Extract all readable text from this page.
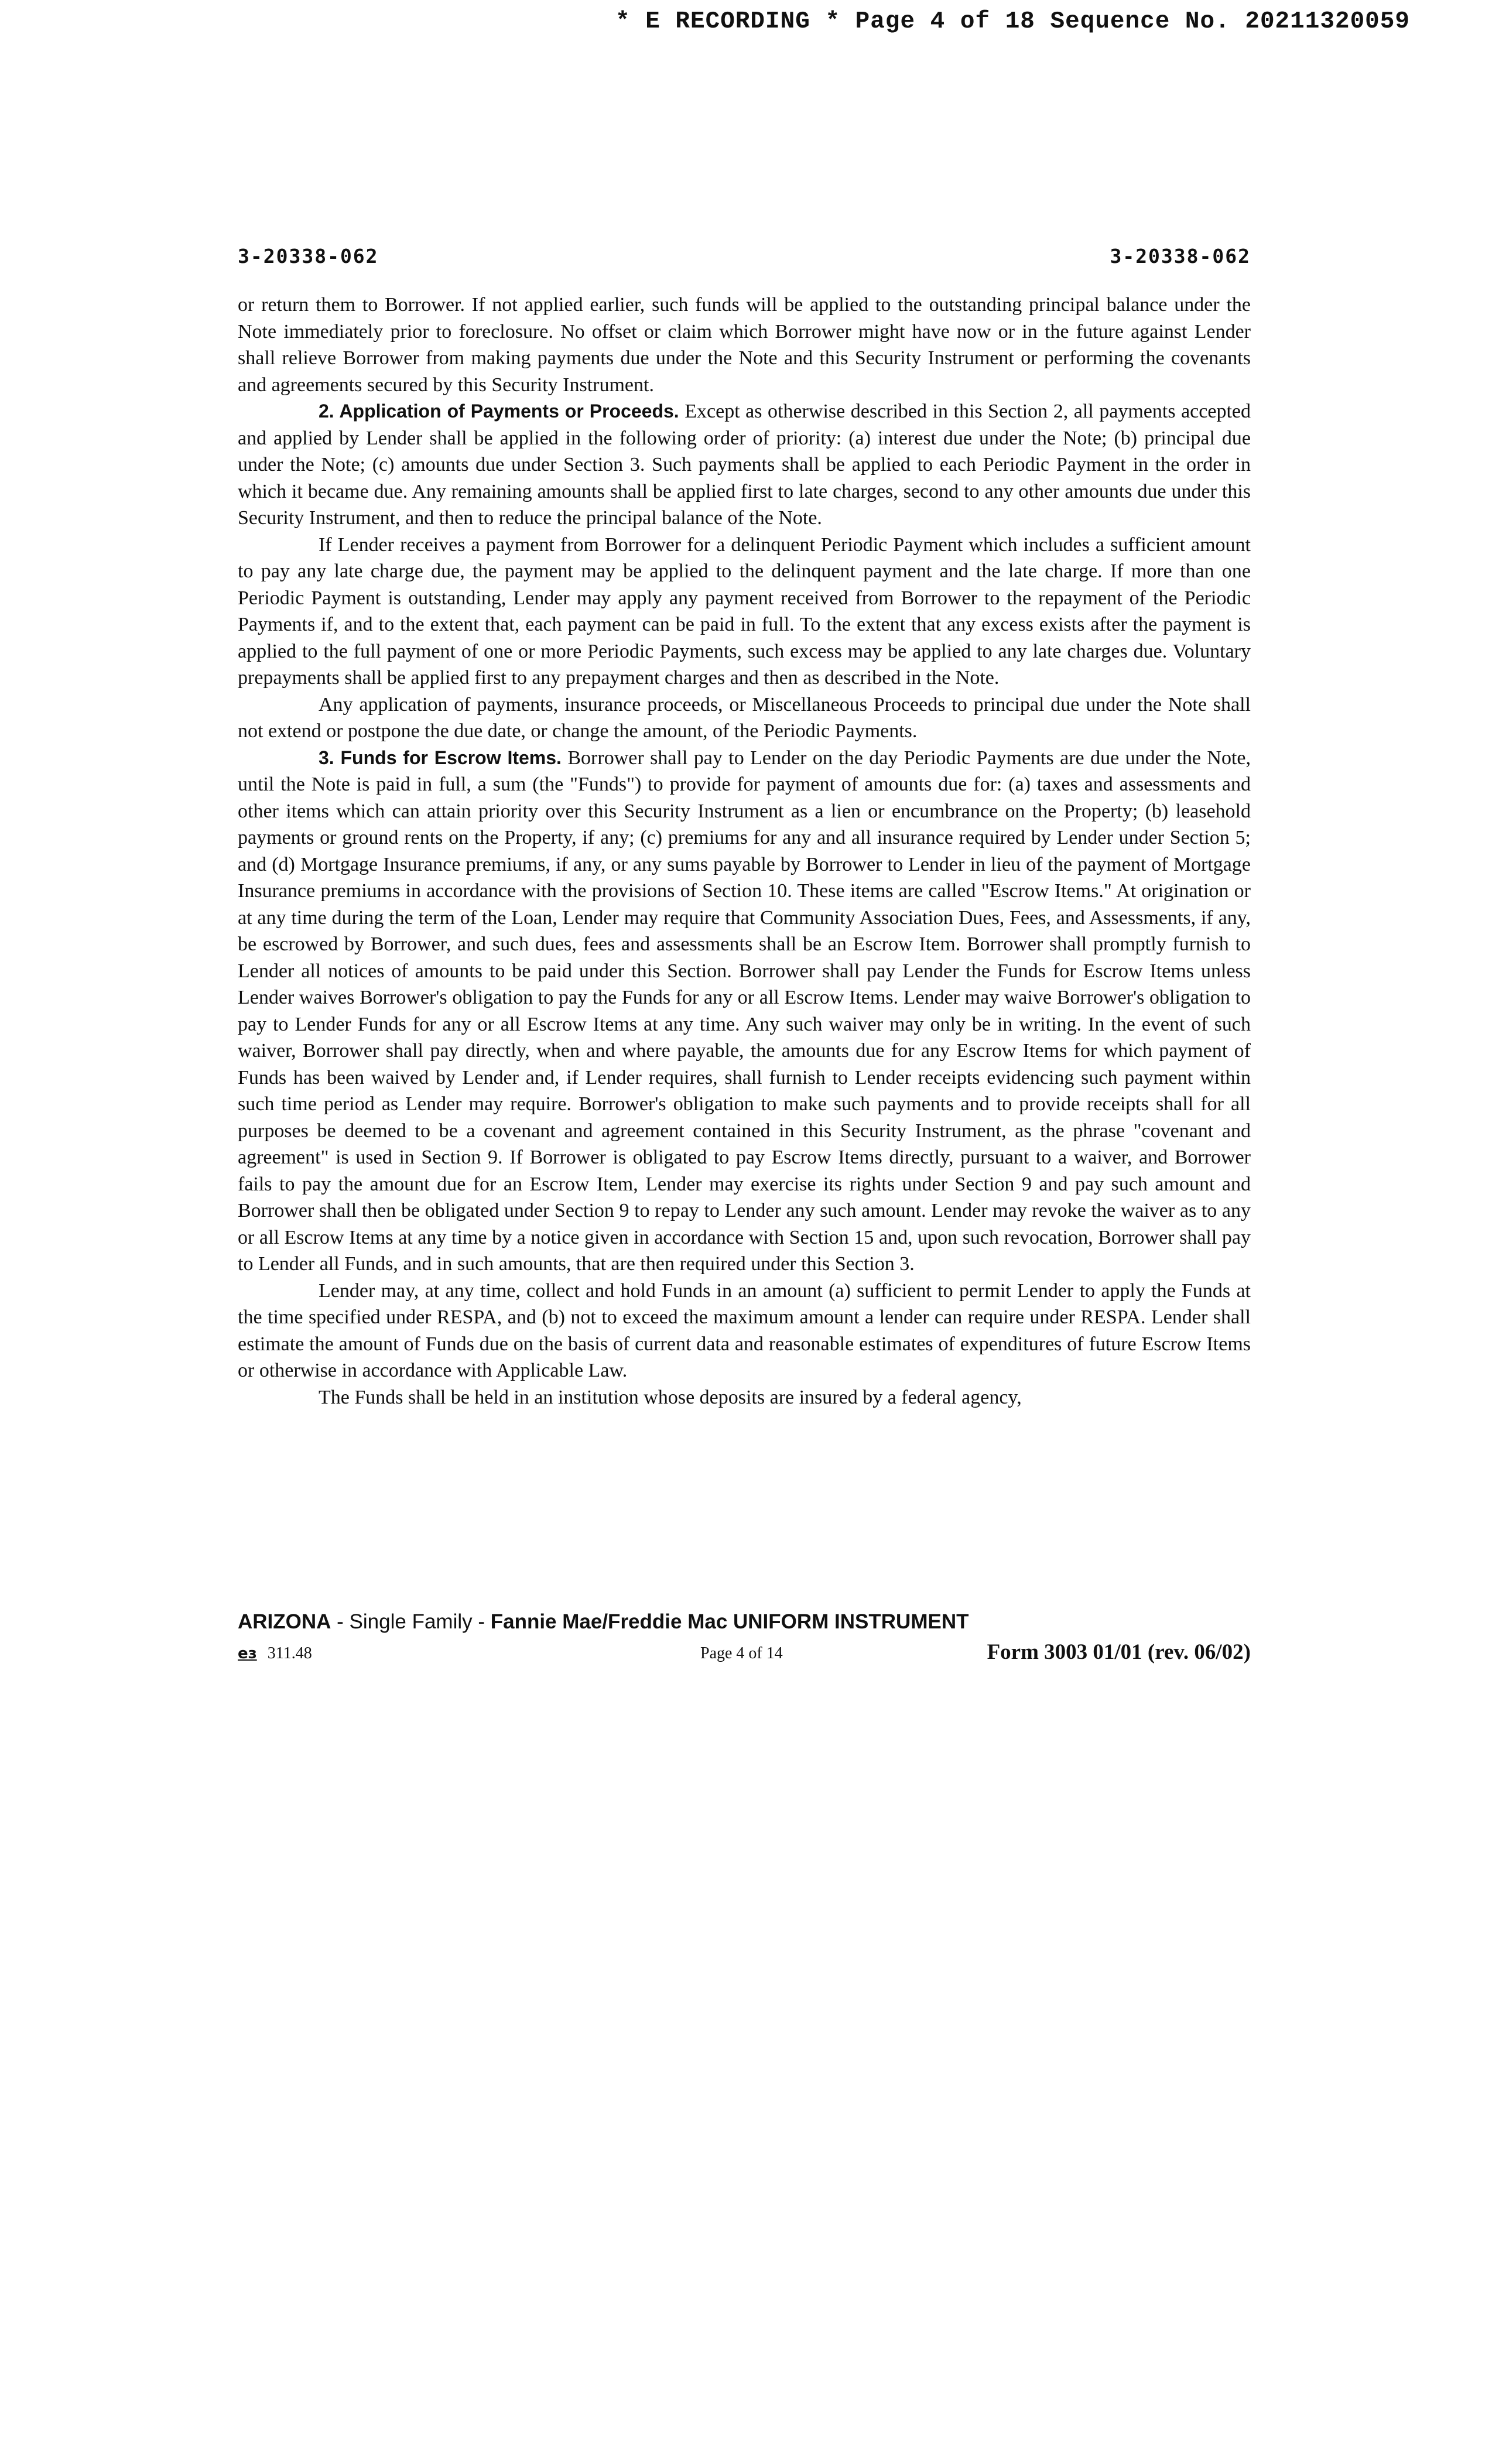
* E RECORDING * Page 4 of 18 Sequence No. 20211320059
3-20338-062	3-20338-062

or return them to Borrower. If not applied earlier, such funds will be applied to the outstanding principal balance under the Note immediately prior to foreclosure. No offset or claim which Borrower might have now or in the future against Lender shall relieve Borrower from making payments due under the Note and this Security Instrument or performing the covenants and agreements secured by this Security Instrument.

2. Application of Payments or Proceeds. Except as otherwise described in this Section 2, all payments accepted and applied by Lender shall be applied in the following order of priority: (a) interest due under the Note; (b) principal due under the Note; (c) amounts due under Section 3. Such payments shall be applied to each Periodic Payment in the order in which it became due. Any remaining amounts shall be applied first to late charges, second to any other amounts due under this Security Instrument, and then to reduce the principal balance of the Note.

If Lender receives a payment from Borrower for a delinquent Periodic Payment which includes a sufficient amount to pay any late charge due, the payment may be applied to the delinquent payment and the late charge. If more than one Periodic Payment is outstanding, Lender may apply any payment received from Borrower to the repayment of the Periodic Payments if, and to the extent that, each payment can be paid in full. To the extent that any excess exists after the payment is applied to the full payment of one or more Periodic Payments, such excess may be applied to any late charges due. Voluntary prepayments shall be applied first to any prepayment charges and then as described in the Note.

Any application of payments, insurance proceeds, or Miscellaneous Proceeds to principal due under the Note shall not extend or postpone the due date, or change the amount, of the Periodic Payments.

3. Funds for Escrow Items. Borrower shall pay to Lender on the day Periodic Payments are due under the Note, until the Note is paid in full, a sum (the "Funds") to provide for payment of amounts due for: (a) taxes and assessments and other items which can attain priority over this Security Instrument as a lien or encumbrance on the Property; (b) leasehold payments or ground rents on the Property, if any; (c) premiums for any and all insurance required by Lender under Section 5; and (d) Mortgage Insurance premiums, if any, or any sums payable by Borrower to Lender in lieu of the payment of Mortgage Insurance premiums in accordance with the provisions of Section 10. These items are called "Escrow Items." At origination or at any time during the term of the Loan, Lender may require that Community Association Dues, Fees, and Assessments, if any, be escrowed by Borrower, and such dues, fees and assessments shall be an Escrow Item. Borrower shall promptly furnish to Lender all notices of amounts to be paid under this Section. Borrower shall pay Lender the Funds for Escrow Items unless Lender waives Borrower's obligation to pay the Funds for any or all Escrow Items. Lender may waive Borrower's obligation to pay to Lender Funds for any or all Escrow Items at any time. Any such waiver may only be in writing. In the event of such waiver, Borrower shall pay directly, when and where payable, the amounts due for any Escrow Items for which payment of Funds has been waived by Lender and, if Lender requires, shall furnish to Lender receipts evidencing such payment within such time period as Lender may require. Borrower's obligation to make such payments and to provide receipts shall for all purposes be deemed to be a covenant and agreement contained in this Security Instrument, as the phrase "covenant and agreement" is used in Section 9. If Borrower is obligated to pay Escrow Items directly, pursuant to a waiver, and Borrower fails to pay the amount due for an Escrow Item, Lender may exercise its rights under Section 9 and pay such amount and Borrower shall then be obligated under Section 9 to repay to Lender any such amount. Lender may revoke the waiver as to any or all Escrow Items at any time by a notice given in accordance with Section 15 and, upon such revocation, Borrower shall pay to Lender all Funds, and in such amounts, that are then required under this Section 3.

Lender may, at any time, collect and hold Funds in an amount (a) sufficient to permit Lender to apply the Funds at the time specified under RESPA, and (b) not to exceed the maximum amount a lender can require under RESPA. Lender shall estimate the amount of Funds due on the basis of current data and reasonable estimates of expenditures of future Escrow Items or otherwise in accordance with Applicable Law.

The Funds shall be held in an institution whose deposits are insured by a federal agency,

ARIZONA - Single Family - Fannie Mae/Freddie Mac UNIFORM INSTRUMENT
ез 311.48	Page 4 of 14	Form 3003 01/01 (rev. 06/02)
